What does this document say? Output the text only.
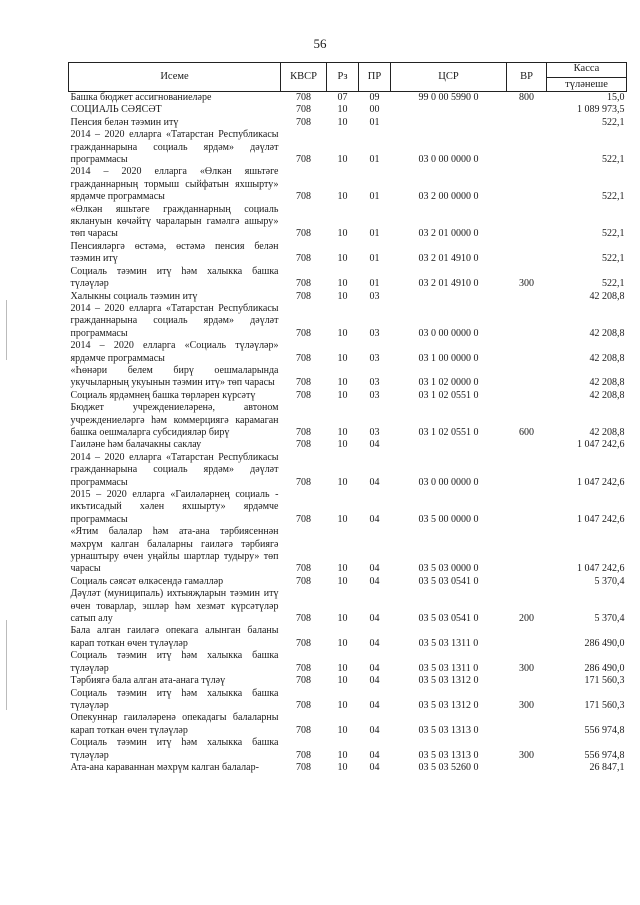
56
Исеме	КВСР	Рз	ПР	ЦСР	ВР	Касса
түләнеше

Башка бюджет ассигнованиеләре	708	07	09	99 0 00 5990 0	800	15,0
СОЦИАЛЬ СӘЯСӘТ	708	10	00			1 089 973,5
Пенсия белән тәэмин итү	708	10	01			522,1
2014 – 2020 елларга «Татарстан Республикасы гражданнарына социаль ярдәм» дәүләт программасы	708	10	01	03 0 00 0000 0		522,1
2014 – 2020 елларга «Өлкән яшьтәге гражданнарның тормыш сыйфатын яхшырту» ярдәмче программасы	708	10	01	03 2 00 0000 0		522,1
«Өлкән яшьтәге гражданнарның социаль яклануын көчәйтү чараларын гамәлгә ашыру» төп чарасы	708	10	01	03 2 01 0000 0		522,1
Пенсияләргә өстәмә, өстәмә пенсия белән тәэмин итү	708	10	01	03 2 01 4910 0		522,1
Социаль тәэмин итү һәм халыкка башка түләүләр	708	10	01	03 2 01 4910 0	300	522,1
Халыкны социаль тәэмин итү	708	10	03			42 208,8
2014 – 2020 елларга «Татарстан Республикасы гражданнарына социаль ярдәм» дәүләт программасы	708	10	03	03 0 00 0000 0		42 208,8
2014 – 2020 елларга «Социаль түләүләр» ярдәмче программасы	708	10	03	03 1 00 0000 0		42 208,8
«Һөнәри белем бирү оешмаларында укучыларның укуынын тәэмин итү» төп чарасы	708	10	03	03 1 02 0000 0		42 208,8
Социаль ярдәмнең башка төрләрен күрсәтү	708	10	03	03 1 02 0551 0		42 208,8
Бюджет учреждениеләренә, автоном учреждениеләргә һәм коммерциягә карамаган башка оешмаларга субсидияләр бирү	708	10	03	03 1 02 0551 0	600	42 208,8
Гаиләне һәм балачакны саклау	708	10	04			1 047 242,6
2014 – 2020 елларга «Татарстан Республикасы гражданнарына социаль ярдәм» дәүләт программасы	708	10	04	03 0 00 0000 0		1 047 242,6
2015 – 2020 елларга «Гаиләләрнең социаль - икътисадый хәлен яхшырту» ярдәмче программасы	708	10	04	03 5 00 0000 0		1 047 242,6
«Ятим балалар һәм ата-ана тәрбиясеннән мәхрүм калган балаларны гаиләгә тәрбиягә урнаштыру өчен уңайлы шартлар тудыру» төп чарасы	708	10	04	03 5 03 0000 0		1 047 242,6
Социаль сәясәт өлкәсендә гамәлләр	708	10	04	03 5 03 0541 0		5 370,4
Дәүләт (муниципаль) ихтыяҗларын тәэмин итү өчен товарлар, эшләр һәм хезмәт күрсәтүләр сатып алу	708	10	04	03 5 03 0541 0	200	5 370,4
Бала алган гаиләгә опекага алынган баланы карап тоткан өчен түләүләр	708	10	04	03 5 03 1311 0		286 490,0
Социаль тәэмин итү һәм халыкка башка түләүләр	708	10	04	03 5 03 1311 0	300	286 490,0
Тәрбиягә бала алган ата-анага түләү	708	10	04	03 5 03 1312 0		171 560,3
Социаль тәэмин итү һәм халыкка башка түләүләр	708	10	04	03 5 03 1312 0	300	171 560,3
Опекуннар гаиләләренә опекадагы балаларны карап тоткан өчен түләүләр	708	10	04	03 5 03 1313 0		556 974,8
Социаль тәэмин итү һәм халыкка башка түләүләр	708	10	04	03 5 03 1313 0	300	556 974,8
Ата-ана караваннан мәхрүм калган балалар-	708	10	04	03 5 03 5260 0		26 847,1
